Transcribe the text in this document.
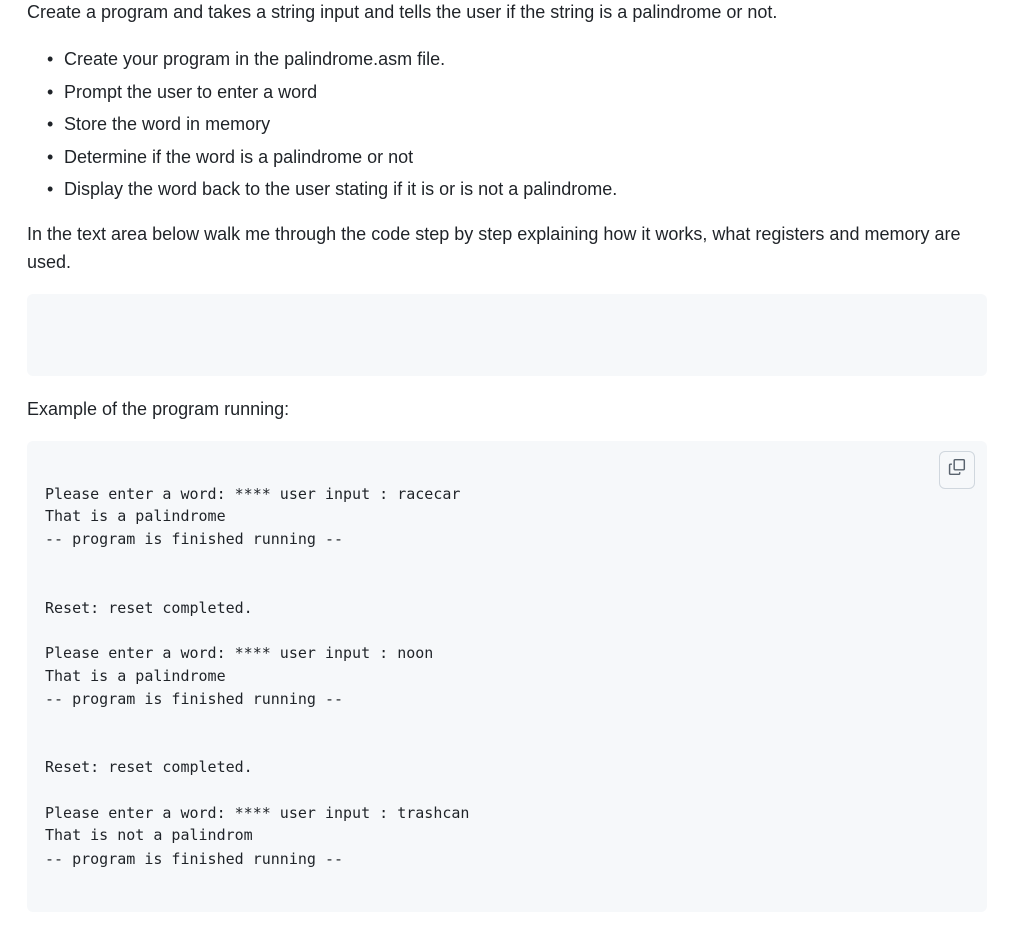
Create a program and takes a string input and tells the user if the string is a palindrome or not.

• Create your program in the palindrome.asm file.
• Prompt the user to enter a word
• Store the word in memory
• Determine if the word is a palindrome or not
• Display the word back to the user stating if it is or is not a palindrome.

In the text area below walk me through the code step by step explaining how it works, what registers and memory are used.

Example of the program running:

Please enter a word: **** user input : racecar
That is a palindrome
-- program is finished running --
Reset: reset completed.
Please enter a word: **** user input : noon
That is a palindrome
-- program is finished running --
Reset: reset completed.
Please enter a word: **** user input : trashcan
That is not a palindrom
-- program is finished running --
